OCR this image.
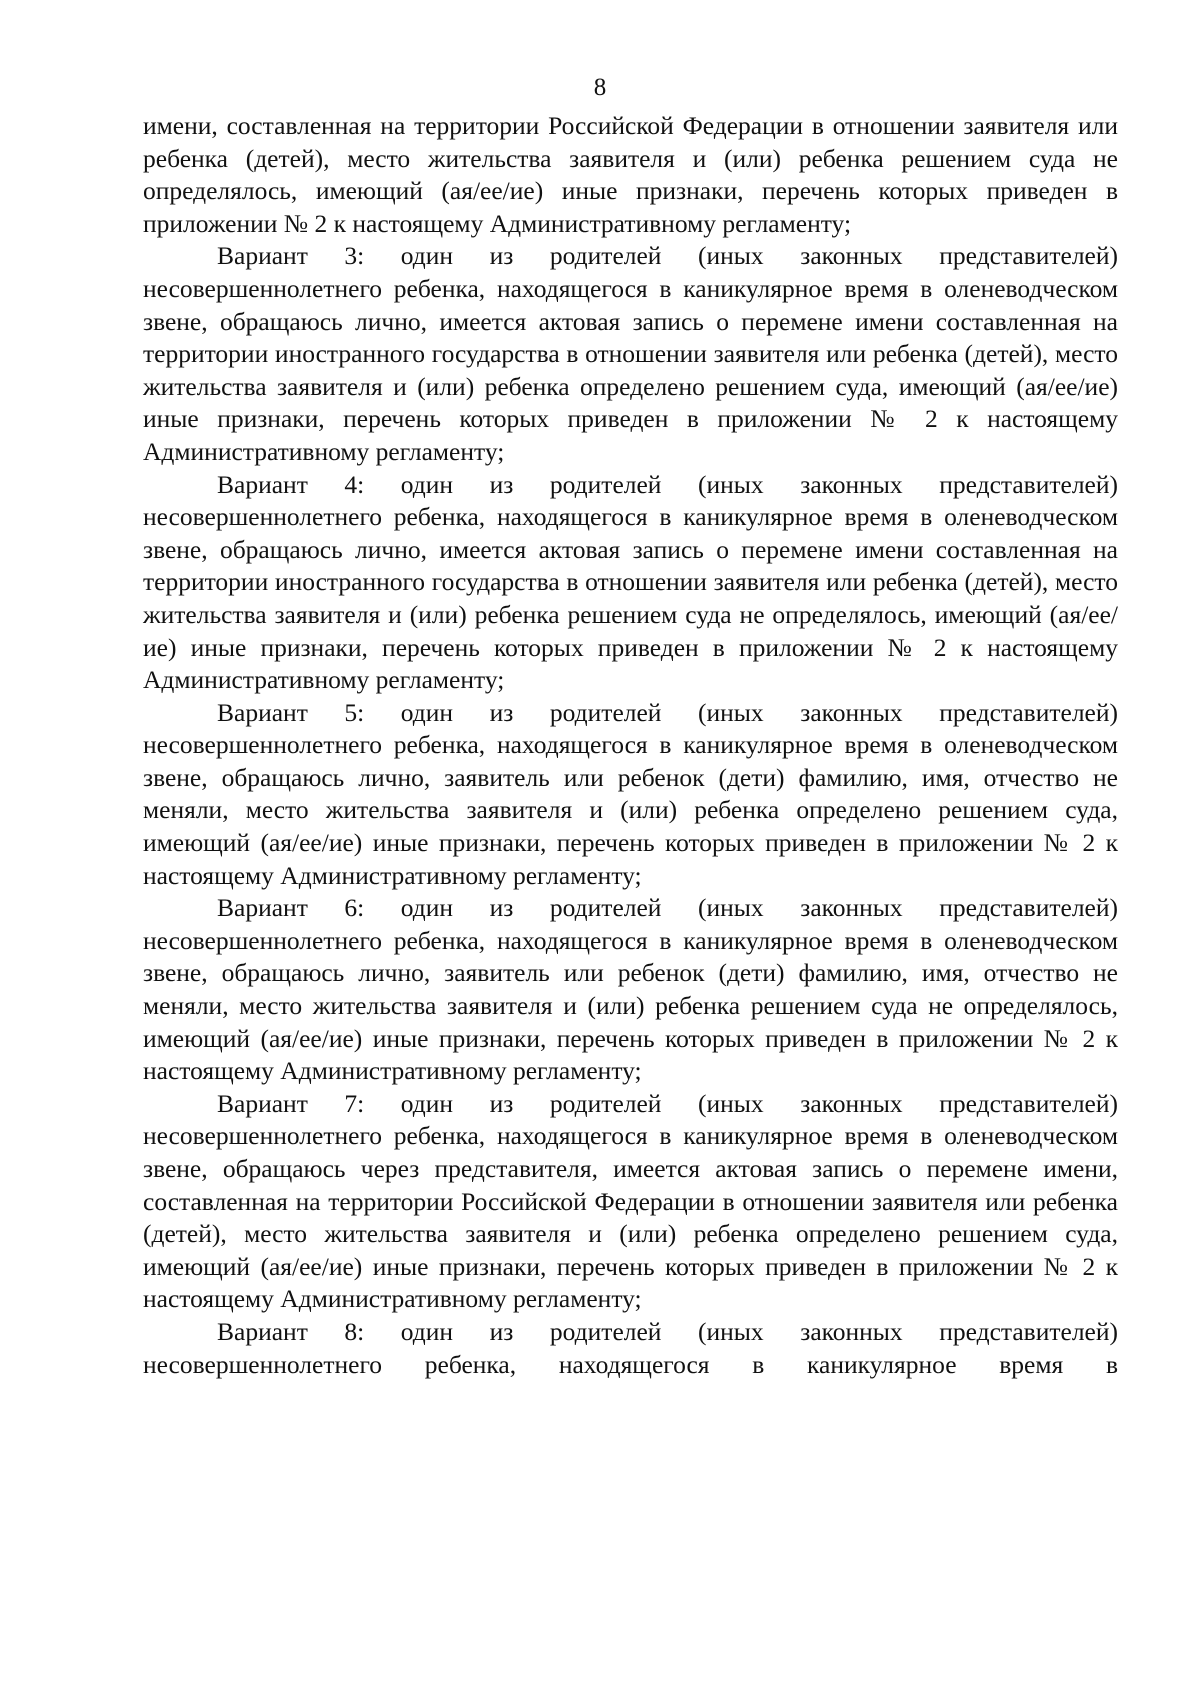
8

имени, составленная на территории Российской Федерации в отношении заявителя или ребенка (детей), место жительства заявителя и (или) ребенка решением суда не определялось, имеющий (ая/ее/ие) иные признаки, перечень которых приведен в приложении № 2 к настоящему Административному регламенту;

Вариант 3: один из родителей (иных законных представителей) несовершеннолетнего ребенка, находящегося в каникулярное время в оленеводческом звене, обращаюсь лично, имеется актовая запись о перемене имени составленная на территории иностранного государства в отношении заявителя или ребенка (детей), место жительства заявителя и (или) ребенка определено решением суда, имеющий (ая/ее/ие) иные признаки, перечень которых приведен в приложении № 2 к настоящему Административному регламенту;

Вариант 4: один из родителей (иных законных представителей) несовершеннолетнего ребенка, находящегося в каникулярное время в оленеводческом звене, обращаюсь лично, имеется актовая запись о перемене имени составленная на территории иностранного государства в отношении заявителя или ребенка (детей), место жительства заявителя и (или) ребенка решением суда не определялось, имеющий (ая/ее/ие) иные признаки, перечень которых приведен в приложении № 2 к настоящему Административному регламенту;

Вариант 5: один из родителей (иных законных представителей) несовершеннолетнего ребенка, находящегося в каникулярное время в оленеводческом звене, обращаюсь лично, заявитель или ребенок (дети) фамилию, имя, отчество не меняли, место жительства заявителя и (или) ребенка определено решением суда, имеющий (ая/ее/ие) иные признаки, перечень которых приведен в приложении № 2 к настоящему Административному регламенту;

Вариант 6: один из родителей (иных законных представителей) несовершеннолетнего ребенка, находящегося в каникулярное время в оленеводческом звене, обращаюсь лично, заявитель или ребенок (дети) фамилию, имя, отчество не меняли, место жительства заявителя и (или) ребенка решением суда не определялось, имеющий (ая/ее/ие) иные признаки, перечень которых приведен в приложении № 2 к настоящему Административному регламенту;

Вариант 7: один из родителей (иных законных представителей) несовершеннолетнего ребенка, находящегося в каникулярное время в оленеводческом звене, обращаюсь через представителя, имеется актовая запись о перемене имени, составленная на территории Российской Федерации в отношении заявителя или ребенка (детей), место жительства заявителя и (или) ребенка определено решением суда, имеющий (ая/ее/ие) иные признаки, перечень которых приведен в приложении № 2 к настоящему Административному регламенту;

Вариант 8: один из родителей (иных законных представителей) несовершеннолетнего ребенка, находящегося в каникулярное время в
